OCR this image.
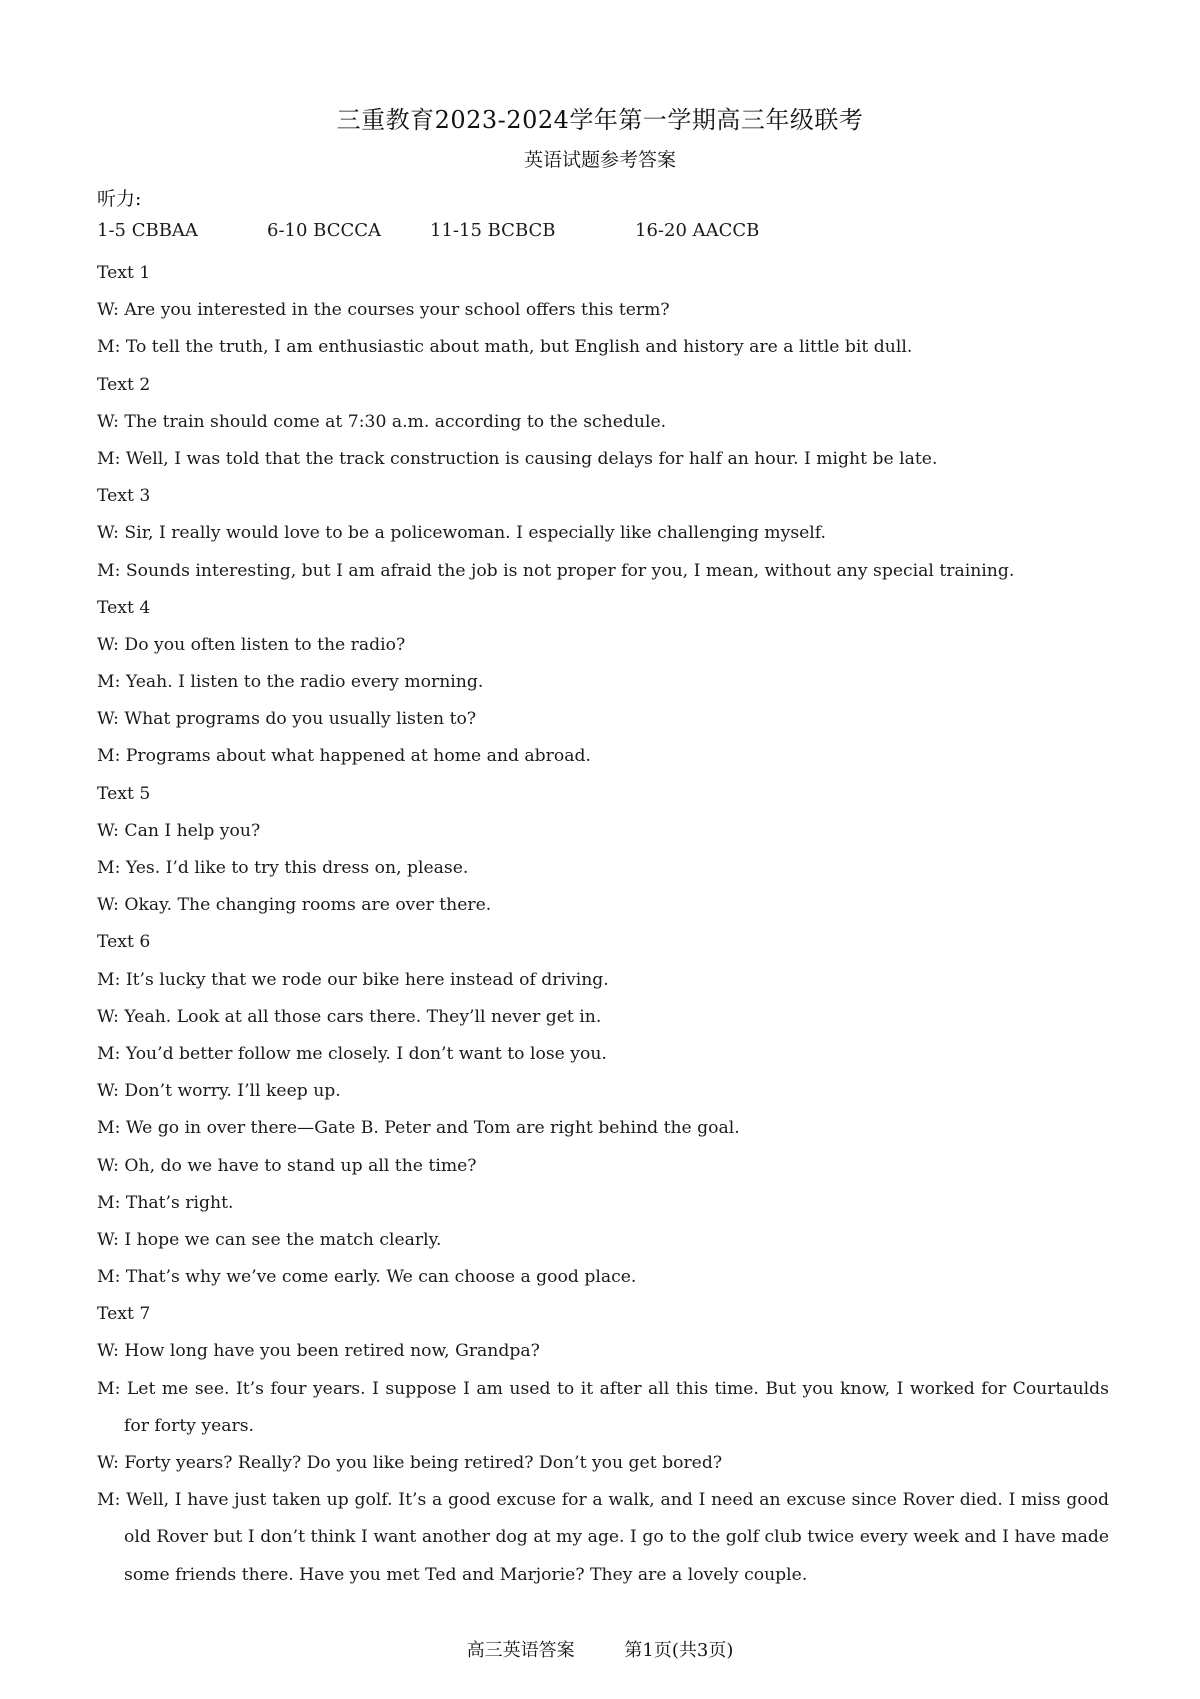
三重教育2023-2024学年第一学期高三年级联考
英语试题参考答案
听力:
1-5 CBBAA	6-10 BCCCA	11-15 BCBCB	16-20 AACCB
Text 1
W: Are you interested in the courses your school offers this term?
M: To tell the truth, I am enthusiastic about math, but English and history are a little bit dull.
Text 2
W: The train should come at 7:30 a.m. according to the schedule.
M: Well, I was told that the track construction is causing delays for half an hour. I might be late.
Text 3
W: Sir, I really would love to be a policewoman. I especially like challenging myself.
M: Sounds interesting, but I am afraid the job is not proper for you, I mean, without any special training.
Text 4
W: Do you often listen to the radio?
M: Yeah. I listen to the radio every morning.
W: What programs do you usually listen to?
M: Programs about what happened at home and abroad.
Text 5
W: Can I help you?
M: Yes. I’d like to try this dress on, please.
W: Okay. The changing rooms are over there.
Text 6
M: It’s lucky that we rode our bike here instead of driving.
W: Yeah. Look at all those cars there. They’ll never get in.
M: You’d better follow me closely. I don’t want to lose you.
W: Don’t worry. I’ll keep up.
M: We go in over there—Gate B. Peter and Tom are right behind the goal.
W: Oh, do we have to stand up all the time?
M: That’s right.
W: I hope we can see the match clearly.
M: That’s why we’ve come early. We can choose a good place.
Text 7
W: How long have you been retired now, Grandpa?
M: Let me see. It’s four years. I suppose I am used to it after all this time. But you know, I worked for Courtaulds for forty years.
W: Forty years? Really? Do you like being retired? Don’t you get bored?
M: Well, I have just taken up golf. It’s a good excuse for a walk, and I need an excuse since Rover died. I miss good old Rover but I don’t think I want another dog at my age. I go to the golf club twice every week and I have made some friends there. Have you met Ted and Marjorie? They are a lovely couple.
高三英语答案	第1页(共3页)
